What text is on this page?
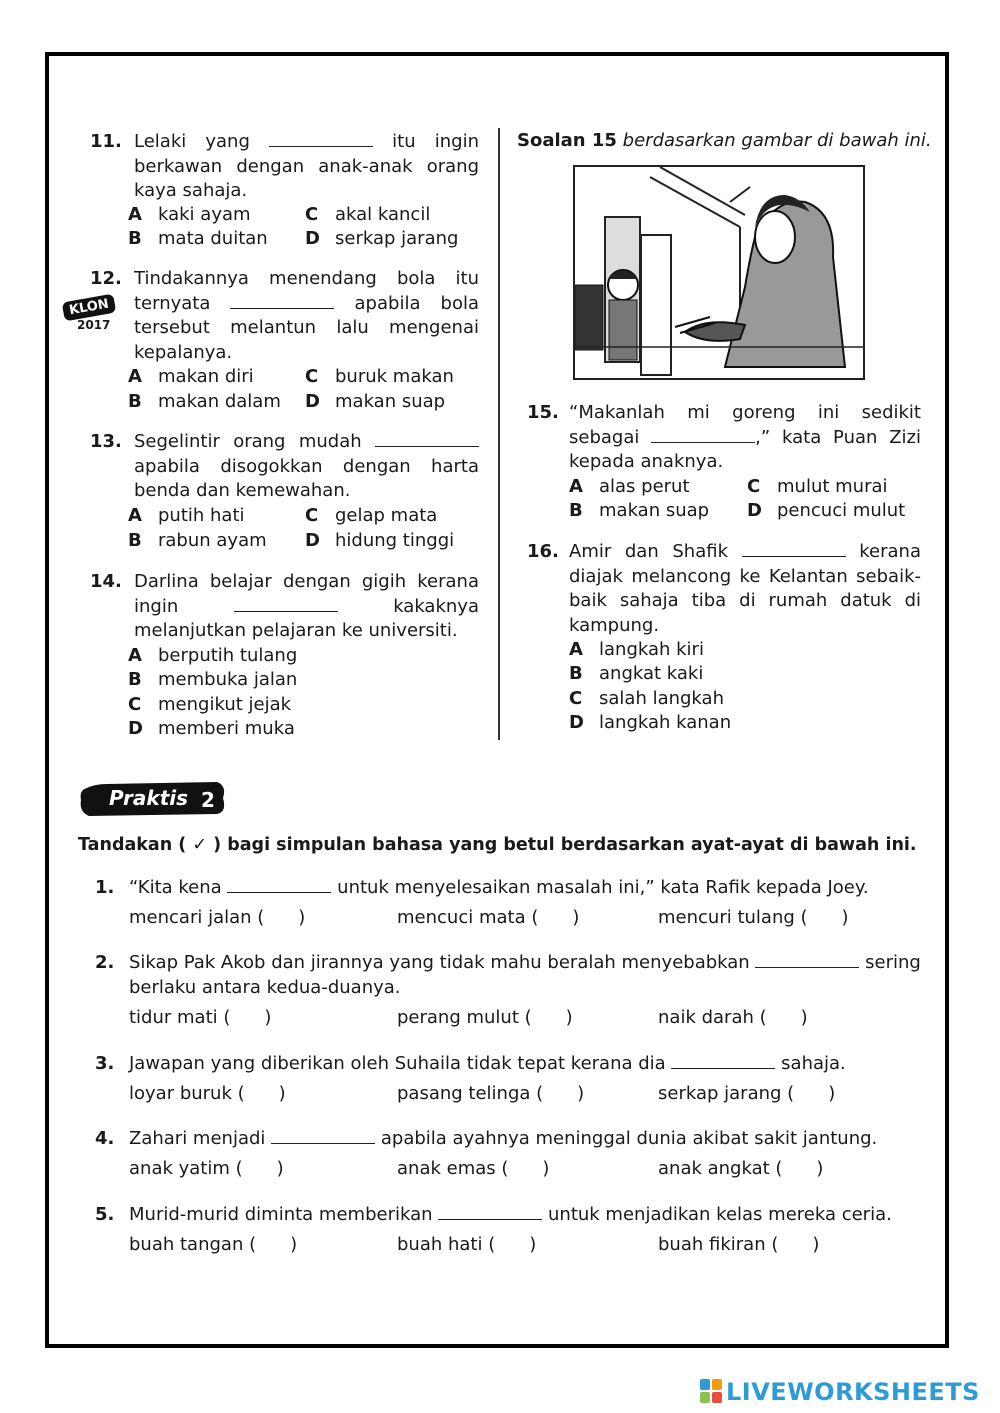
11. Lelaki yang	itu ingin berkawan dengan anak-anak orang kaya sahaja.
A kaki ayam	C akal kancil
B mata duitan D serkap jarang
12. Tindakannya menendang bola itu ternyata	apabila bola tersebut melantun lalu mengenai kepalanya.
A makan diri	C buruk makan
B makan dalam D makan suap
KLON
2017
13. Segelintir orang mudah  apabila disogokkan dengan harta benda dan kemewahan.
A putih hati	C gelap mata
B rabun ayam D hidung tinggi
14. Darlina belajar dengan gigih kerana ingin	kakaknya melanjutkan pelajaran ke universiti.
A berputih tulang
B membuka jalan
C mengikut jejak
D memberi muka
Soalan 15 berdasarkan gambar di bawah ini.
15. “Makanlah mi goreng ini sedikit sebagai	,” kata Puan Zizi kepada anaknya.
A alas perut	C mulut murai
B makan suap D pencuci mulut
16. Amir dan Shafik	kerana diajak melancong ke Kelantan sebaik-baik sahaja tiba di rumah datuk di kampung.
A langkah kiri
B angkat kaki
C salah langkah
D langkah kanan
Praktis 2
Tandakan ( ✓ ) bagi simpulan bahasa yang betul berdasarkan ayat-ayat di bawah ini.
1. “Kita kena	untuk menyelesaikan masalah ini,” kata Rafik kepada Joey.
mencari jalan ( )	mencuci mata ( )	mencuri tulang ( )
2. Sikap Pak Akob dan jirannya yang tidak mahu beralah menyebabkan	sering berlaku antara kedua-duanya.
tidur mati ( )	perang mulut ( )	naik darah ( )
3. Jawapan yang diberikan oleh Suhaila tidak tepat kerana dia	sahaja.
loyar buruk ( )	pasang telinga ( )	serkap jarang ( )
4. Zahari menjadi	apabila ayahnya meninggal dunia akibat sakit jantung.
anak yatim ( )	anak emas ( )	anak angkat ( )
5. Murid-murid diminta memberikan	untuk menjadikan kelas mereka ceria.
buah tangan ( )	buah hati ( )	buah fikiran ( )
LIVEWORKSHEETS
